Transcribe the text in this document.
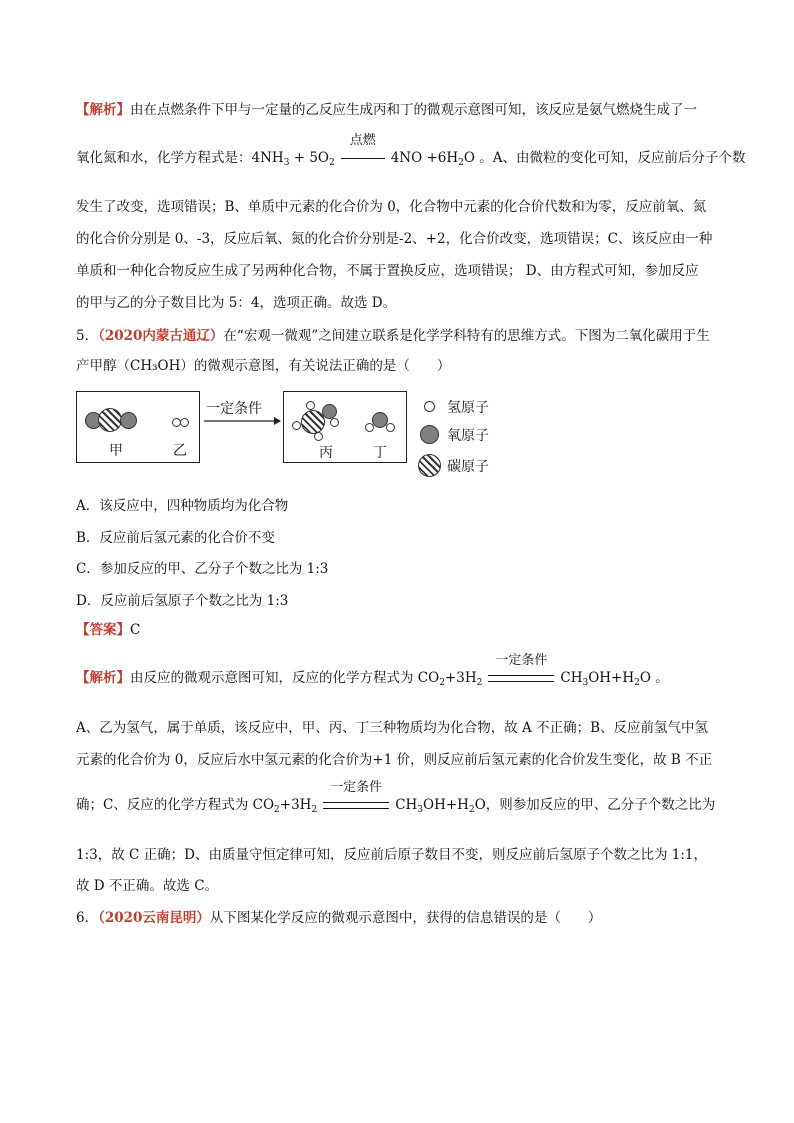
【解析】由在点燃条件下甲与一定量的乙反应生成丙和丁的微观示意图可知，该反应是氨气燃烧生成了一
氧化氮和水，化学方程式是：$4NH_3 + 5O_2$
点燃
$4NO +6H_2O$ 。A、由微粒的变化可知，反应前后分子个数
发生了改变，选项错误；B、单质中元素的化合价为 0，化合物中元素的化合价代数和为零，反应前氧、氮
的化合价分别是 0、-3，反应后氧、氮的化合价分别是-2、+2，化合价改变，选项错误；C、该反应由一种
单质和一种化合物反应生成了另两种化合物，不属于置换反应，选项错误； D、由方程式可知，参加反应
的甲与乙的分子数目比为 5：4，选项正确。故选 D。
5．（2020内蒙古通辽）在“宏观一微观”之间建立联系是化学学科特有的思维方式。下图为二氧化碳用于生
产甲醇（CH₃OH）的微观示意图，有关说法正确的是（　　）
甲	乙
一定条件
丙	丁
氢原子
氧原子
碳原子
A．该反应中，四种物质均为化合物
B．反应前后氢元素的化合价不变
C．参加反应的甲、乙分子个数之比为 1:3
D．反应前后氢原子个数之比为 1:3
【答案】C
【解析】由反应的微观示意图可知，反应的化学方程式为 $CO_2+3H_2$
一定条件
$CH_3OH+H_2O$ 。
A、乙为氢气，属于单质，该反应中，甲、丙、丁三种物质均为化合物，故 A 不正确；B、反应前氢气中氢
元素的化合价为 0，反应后水中氢元素的化合价为+1 价，则反应前后氢元素的化合价发生变化，故 B 不正
确；C、反应的化学方程式为 $CO_2+3H_2$
一定条件
$CH_3OH+H_2O$，则参加反应的甲、乙分子个数之比为
1:3，故 C 正确；D、由质量守恒定律可知，反应前后原子数目不变，则反应前后氢原子个数之比为 1:1，
故 D 不正确。故选 C。
6．（2020云南昆明）从下图某化学反应的微观示意图中，获得的信息错误的是（　　）
